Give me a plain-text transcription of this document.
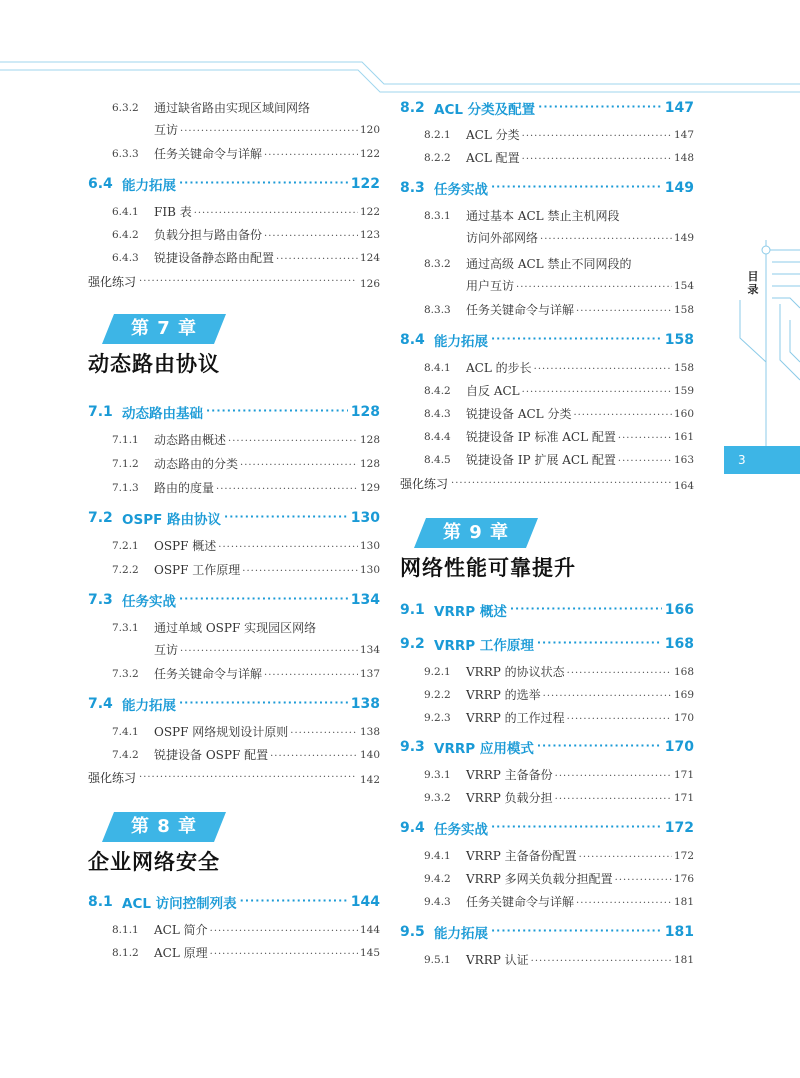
目
录
3
6.3.2	通过缺省路由实现区域间网络
互访 ·····	120
6.3.3	任务关键命令与详解 ·····	122
6.4 能力拓展 ·····	122
6.4.1	FIB 表 ·····	122
6.4.2	负载分担与路由备份 ·····	123
6.4.3	锐捷设备静态路由配置 ·····	124
强化练习 ·····	126
第 7 章
动态路由协议
7.1 动态路由基础 ·····	128
7.1.1	动态路由概述 ·····	128
7.1.2	动态路由的分类 ·····	128
7.1.3	路由的度量 ·····	129
7.2 OSPF 路由协议 ·····	130
7.2.1	OSPF 概述 ·····	130
7.2.2	OSPF 工作原理 ·····	130
7.3 任务实战 ·····	134
7.3.1	通过单域 OSPF 实现园区网络
互访 ·····	134
7.3.2	任务关键命令与详解 ·····	137
7.4 能力拓展 ·····	138
7.4.1	OSPF 网络规划设计原则 ·····	138
7.4.2	锐捷设备 OSPF 配置 ·····	140
强化练习 ·····	142
第 8 章
企业网络安全
8.1 ACL 访问控制列表 ·····	144
8.1.1	ACL 简介 ·····	144
8.1.2	ACL 原理 ·····	145
8.2 ACL 分类及配置 ·····	147
8.2.1	ACL 分类 ·····	147
8.2.2	ACL 配置 ·····	148
8.3 任务实战 ·····	149
8.3.1	通过基本 ACL 禁止主机网段
访问外部网络 ·····	149
8.3.2	通过高级 ACL 禁止不同网段的
用户互访 ·····	154
8.3.3	任务关键命令与详解 ·····	158
8.4 能力拓展 ·····	158
8.4.1	ACL 的步长 ·····	158
8.4.2	自反 ACL ·····	159
8.4.3	锐捷设备 ACL 分类 ·····	160
8.4.4	锐捷设备 IP 标准 ACL 配置 ·····	161
8.4.5	锐捷设备 IP 扩展 ACL 配置 ·····	163
强化练习 ·····	164
第 9 章
网络性能可靠提升
9.1 VRRP 概述 ·····	166
9.2 VRRP 工作原理 ·····	168
9.2.1	VRRP 的协议状态 ·····	168
9.2.2	VRRP 的选举 ·····	169
9.2.3	VRRP 的工作过程 ·····	170
9.3 VRRP 应用模式 ·····	170
9.3.1	VRRP 主备备份 ·····	171
9.3.2	VRRP 负载分担 ·····	171
9.4 任务实战 ·····	172
9.4.1	VRRP 主备备份配置 ·····	172
9.4.2	VRRP 多网关负载分担配置 ·····	176
9.4.3	任务关键命令与详解 ·····	181
9.5 能力拓展 ·····	181
9.5.1	VRRP 认证 ·····	181
